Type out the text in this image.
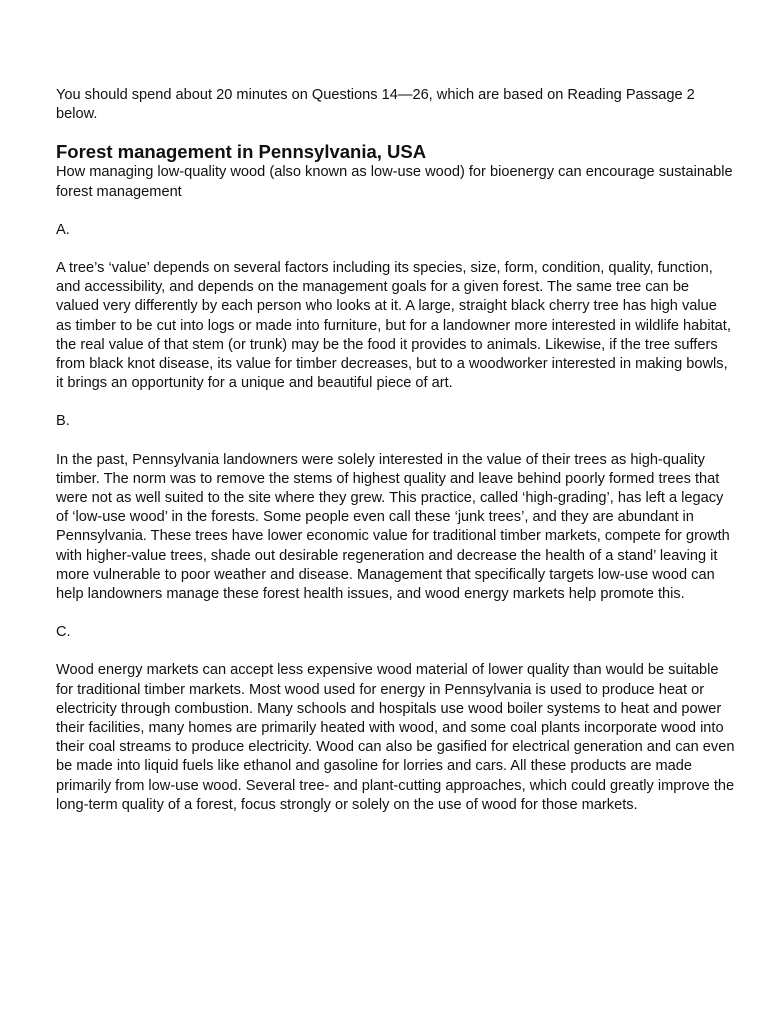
You should spend about 20 minutes on Questions 14—26, which are based on Reading Passage 2 below.

Forest management in Pennsylvania, USA

How managing low-quality wood (also known as low-use wood) for bioenergy can encourage sustainable forest management

A.

A tree’s ‘value’ depends on several factors including its species, size, form, condition, quality, function, and accessibility, and depends on the management goals for a given forest. The same tree can be valued very differently by each person who looks at it. A large, straight black cherry tree has high value as timber to be cut into logs or made into furniture, but for a landowner more interested in wildlife habitat, the real value of that stem (or trunk) may be the food it provides to animals. Likewise, if the tree suffers from black knot disease, its value for timber decreases, but to a woodworker interested in making bowls, it brings an opportunity for a unique and beautiful piece of art.

B.

In the past, Pennsylvania landowners were solely interested in the value of their trees as high-quality timber. The norm was to remove the stems of highest quality and leave behind poorly formed trees that were not as well suited to the site where they grew. This practice, called ‘high-grading’, has left a legacy of ‘low-use wood’ in the forests. Some people even call these ‘junk trees’, and they are abundant in Pennsylvania. These trees have lower economic value for traditional timber markets, compete for growth with higher-value trees, shade out desirable regeneration and decrease the health of a stand’ leaving it more vulnerable to poor weather and disease. Management that specifically targets low-use wood can help landowners manage these forest health issues, and wood energy markets help promote this.

C.

Wood energy markets can accept less expensive wood material of lower quality than would be suitable for traditional timber markets. Most wood used for energy in Pennsylvania is used to produce heat or electricity through combustion. Many schools and hospitals use wood boiler systems to heat and power their facilities, many homes are primarily heated with wood, and some coal plants incorporate wood into their coal streams to produce electricity. Wood can also be gasified for electrical generation and can even be made into liquid fuels like ethanol and gasoline for lorries and cars. All these products are made primarily from low-use wood. Several tree- and plant-cutting approaches, which could greatly improve the long-term quality of a forest, focus strongly or solely on the use of wood for those markets.
